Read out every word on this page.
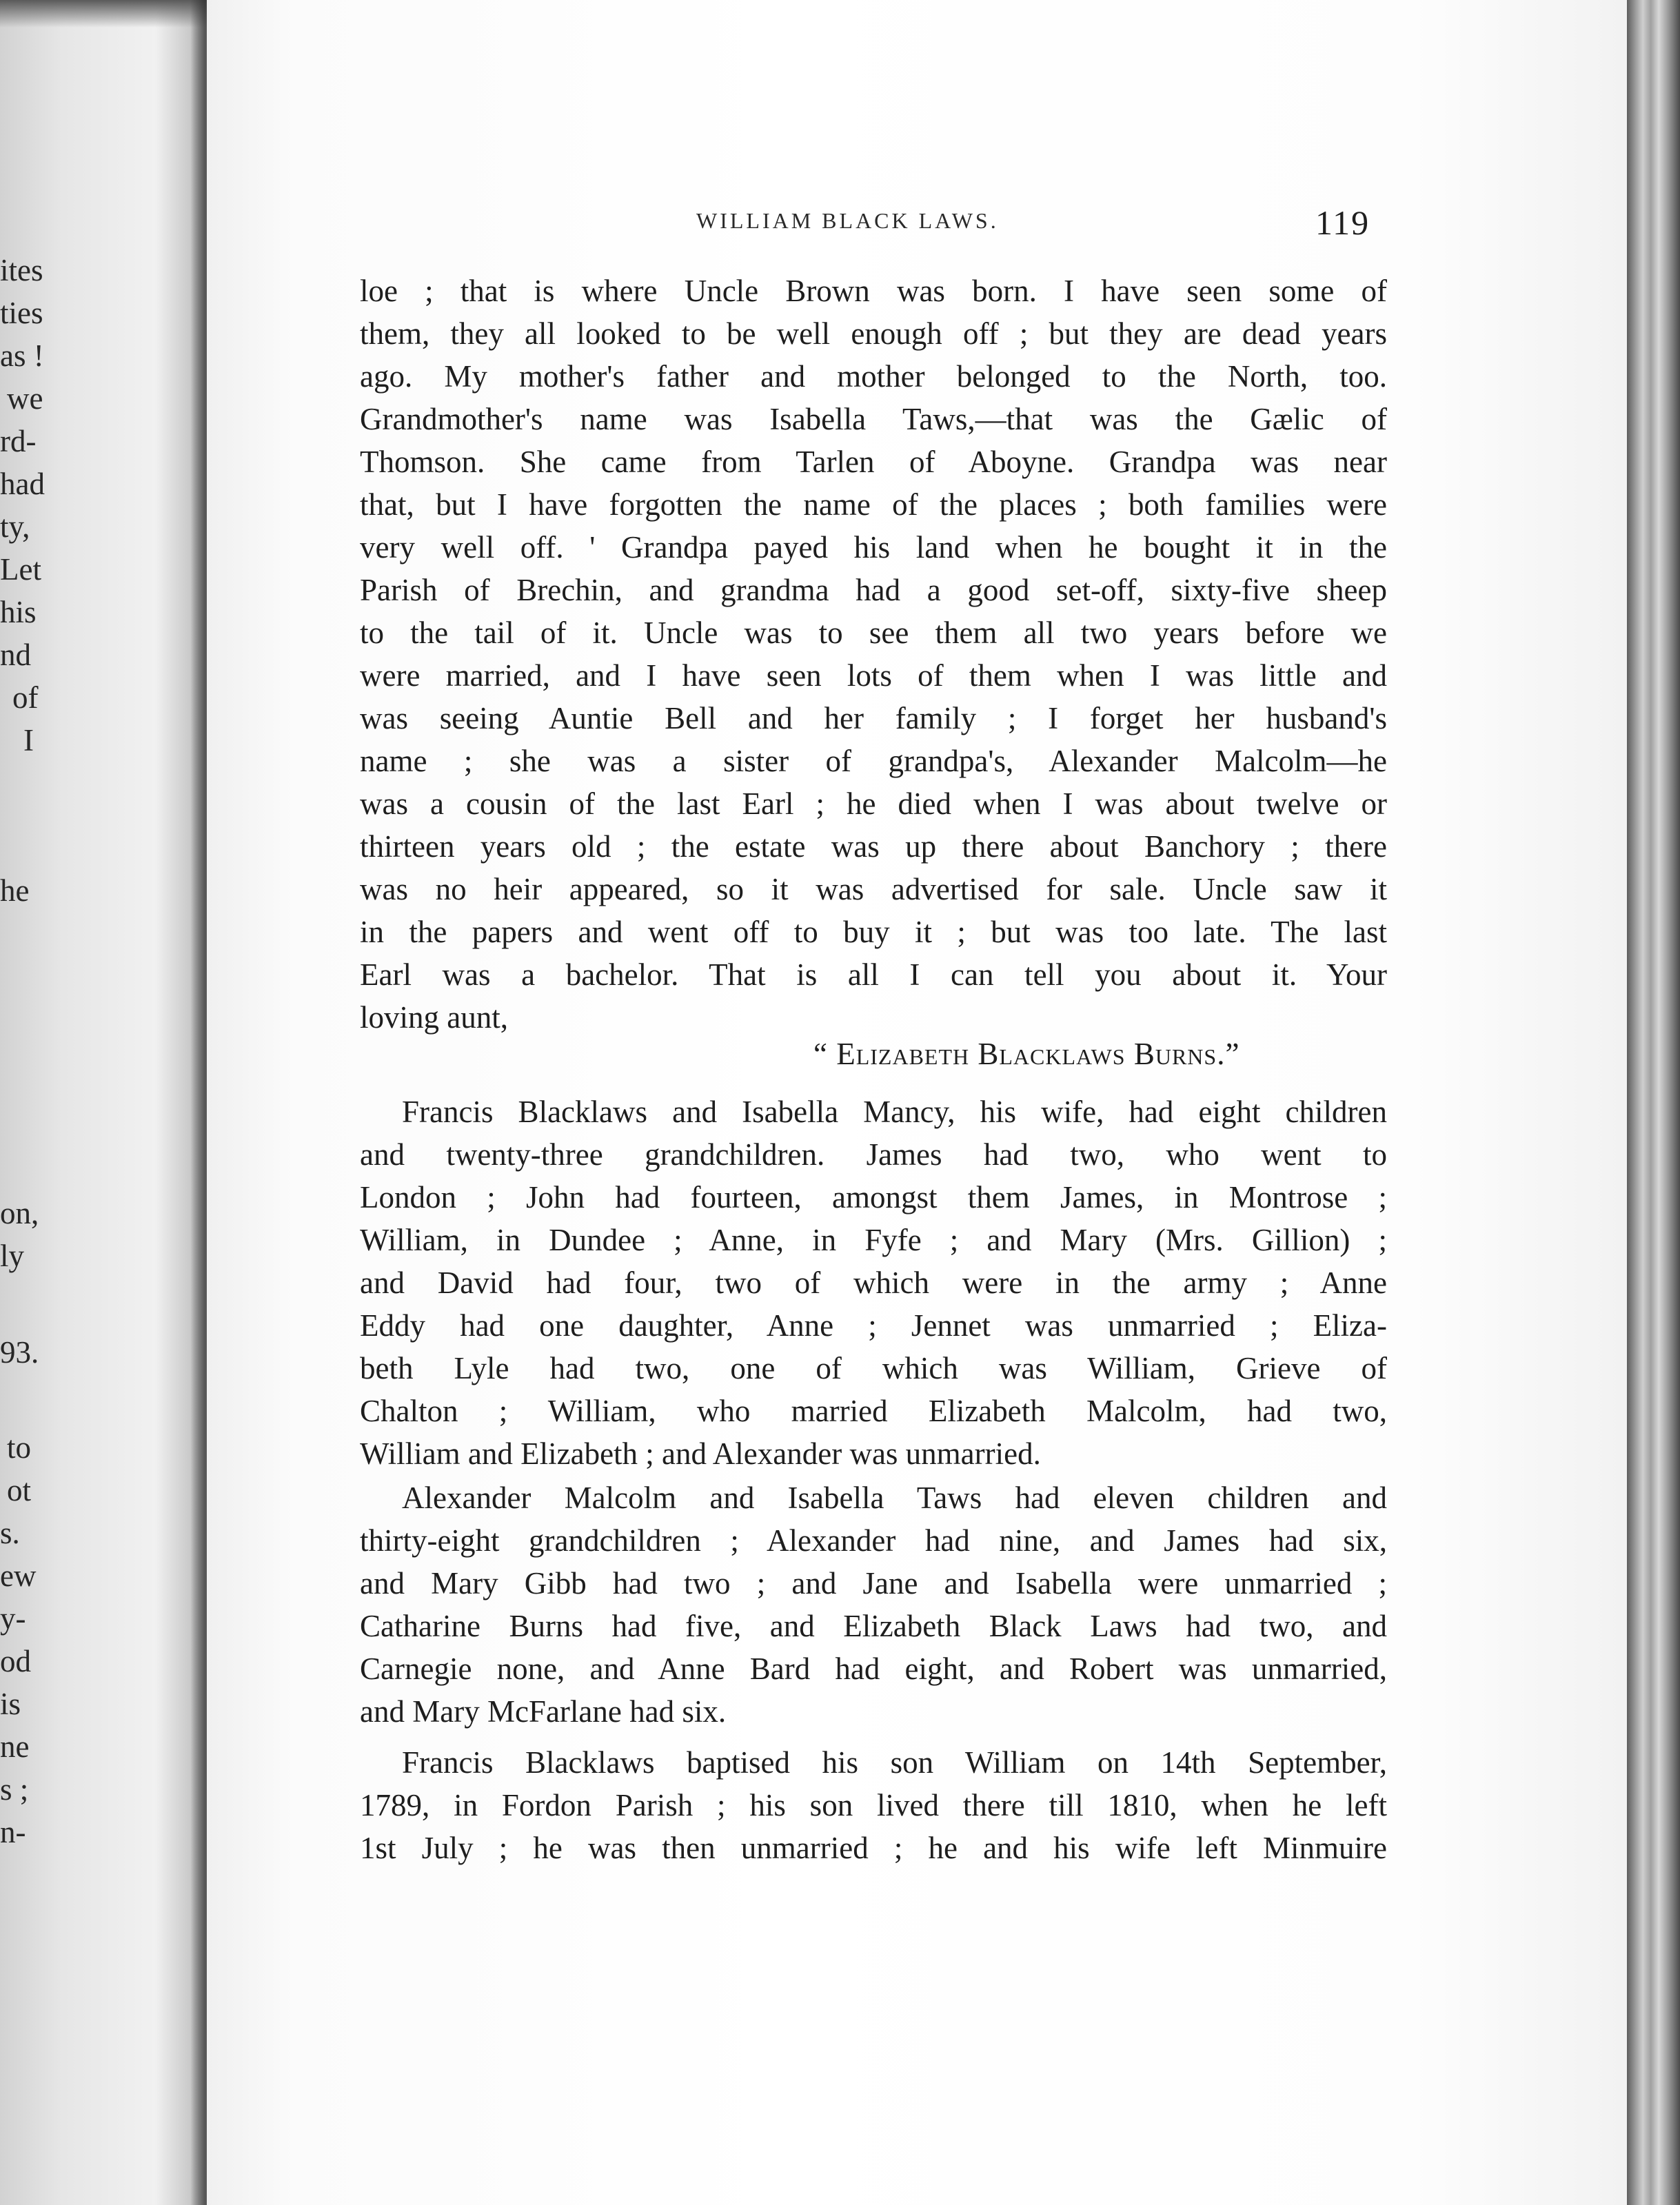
ites
ties
as !
we
rd-
had
ty,
Let
his
nd
of
I
he
on,
ly
93.
to
ot
s.
ew
y-
od
is
ne
s ;
n-
WILLIAM BLACK LAWS.	119
loe ; that is where Uncle Brown was born. I have seen some of
them, they all looked to be well enough off ; but they are dead years
ago. My mother's father and mother belonged to the North, too.
Grandmother's name was Isabella Taws,—that was the Gælic of
Thomson. She came from Tarlen of Aboyne. Grandpa was near
that, but I have forgotten the name of the places ; both families were
very well off. ' Grandpa payed his land when he bought it in the
Parish of Brechin, and grandma had a good set-off, sixty-five sheep
to the tail of it. Uncle was to see them all two years before we
were married, and I have seen lots of them when I was little and
was seeing Auntie Bell and her family ; I forget her husband's
name ; she was a sister of grandpa's, Alexander Malcolm—he
was a cousin of the last Earl ; he died when I was about twelve or
thirteen years old ; the estate was up there about Banchory ; there
was no heir appeared, so it was advertised for sale. Uncle saw it
in the papers and went off to buy it ; but was too late. The last
Earl was a bachelor. That is all I can tell you about it. Your
loving aunt,
“ Elizabeth Blacklaws Burns.”
Francis Blacklaws and Isabella Mancy, his wife, had eight children
and twenty-three grandchildren. James had two, who went to
London ; John had fourteen, amongst them James, in Montrose ;
William, in Dundee ; Anne, in Fyfe ; and Mary (Mrs. Gillion) ;
and David had four, two of which were in the army ; Anne
Eddy had one daughter, Anne ; Jennet was unmarried ; Eliza-
beth Lyle had two, one of which was William, Grieve of
Chalton ; William, who married Elizabeth Malcolm, had two,
William and Elizabeth ; and Alexander was unmarried.
Alexander Malcolm and Isabella Taws had eleven children and
thirty-eight grandchildren ; Alexander had nine, and James had six,
and Mary Gibb had two ; and Jane and Isabella were unmarried ;
Catharine Burns had five, and Elizabeth Black Laws had two, and
Carnegie none, and Anne Bard had eight, and Robert was unmarried,
and Mary McFarlane had six.
Francis Blacklaws baptised his son William on 14th September,
1789, in Fordon Parish ; his son lived there till 1810, when he left
1st July ; he was then unmarried ; he and his wife left Minmuire
